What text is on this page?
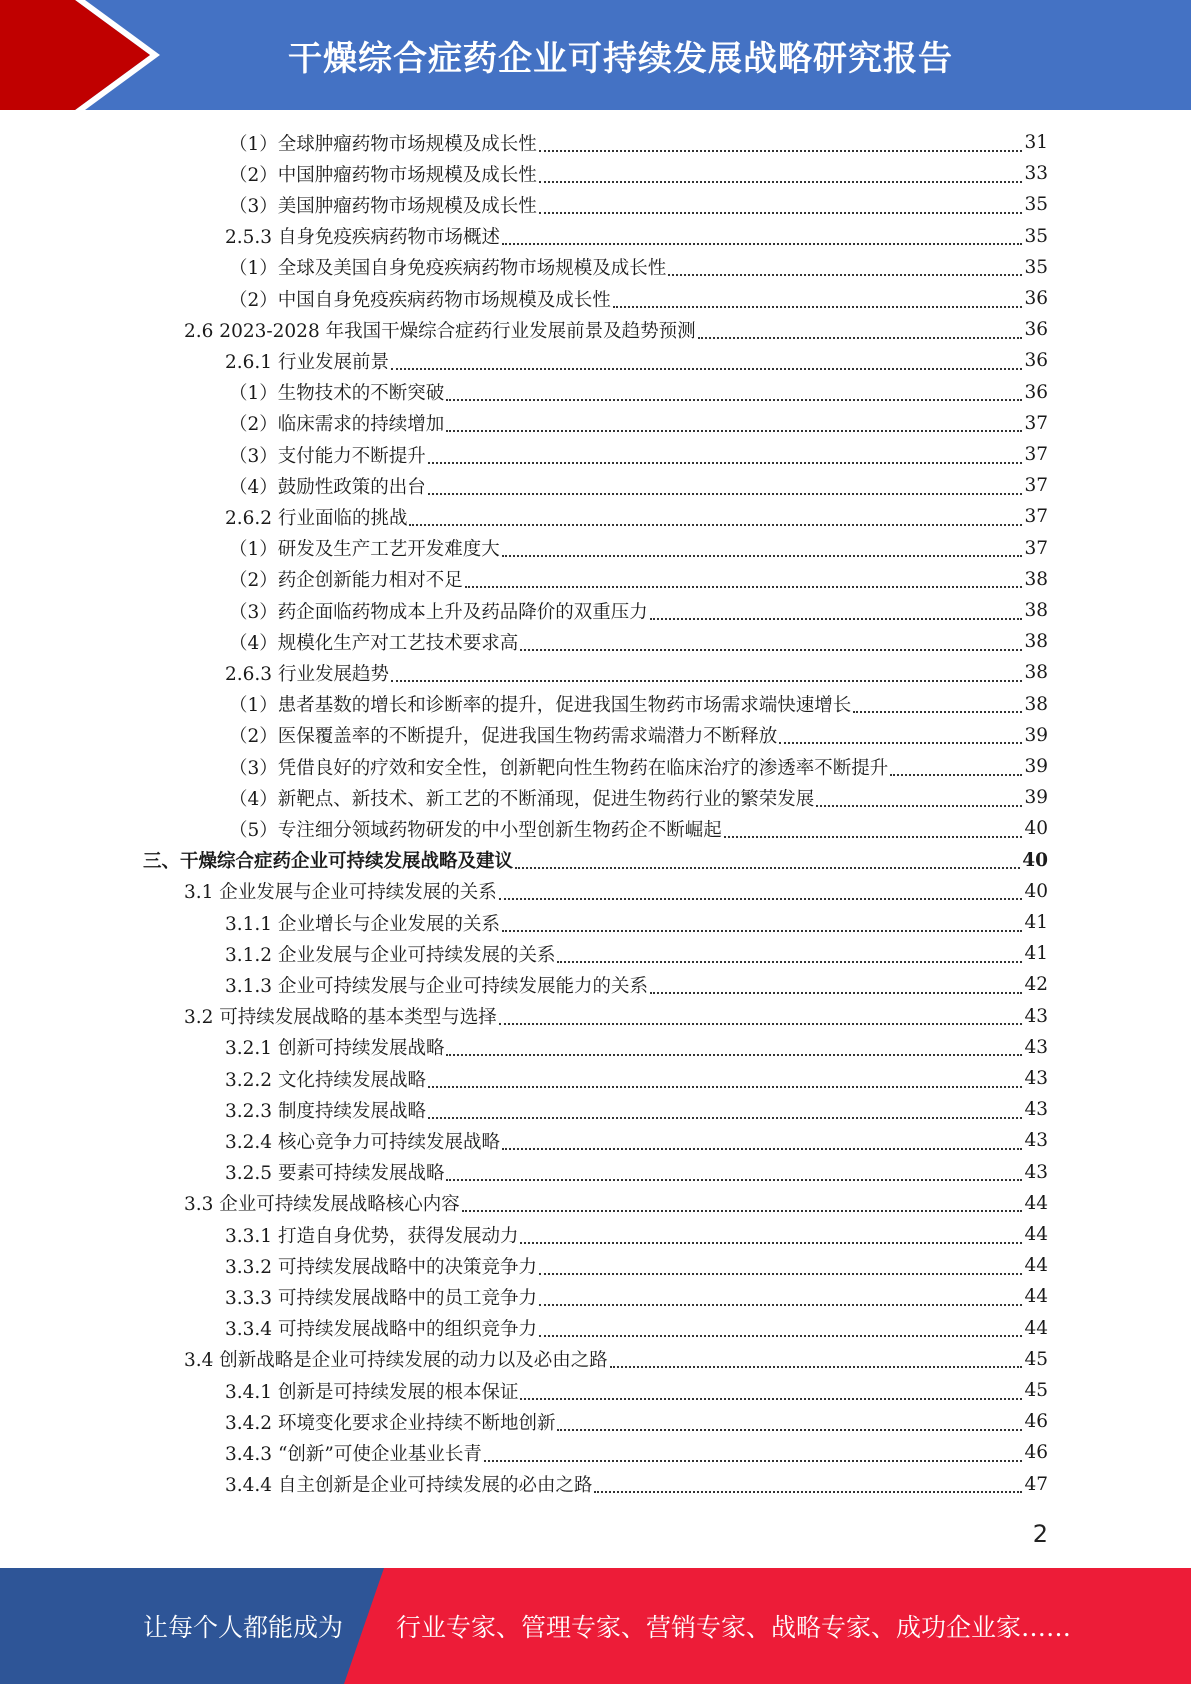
干燥综合症药企业可持续发展战略研究报告
（1）全球肿瘤药物市场规模及成长性	31
（2）中国肿瘤药物市场规模及成长性	33
（3）美国肿瘤药物市场规模及成长性	35
2.5.3 自身免疫疾病药物市场概述	35
（1）全球及美国自身免疫疾病药物市场规模及成长性	35
（2）中国自身免疫疾病药物市场规模及成长性	36
2.6 2023-2028 年我国干燥综合症药行业发展前景及趋势预测	36
2.6.1 行业发展前景	36
（1）生物技术的不断突破	36
（2）临床需求的持续增加	37
（3）支付能力不断提升	37
（4）鼓励性政策的出台	37
2.6.2 行业面临的挑战	37
（1）研发及生产工艺开发难度大	37
（2）药企创新能力相对不足	38
（3）药企面临药物成本上升及药品降价的双重压力	38
（4）规模化生产对工艺技术要求高	38
2.6.3 行业发展趋势	38
（1）患者基数的增长和诊断率的提升，促进我国生物药市场需求端快速增长	38
（2）医保覆盖率的不断提升，促进我国生物药需求端潜力不断释放	39
（3）凭借良好的疗效和安全性，创新靶向性生物药在临床治疗的渗透率不断提升	39
（4）新靶点、新技术、新工艺的不断涌现，促进生物药行业的繁荣发展	39
（5）专注细分领域药物研发的中小型创新生物药企不断崛起	40
三、干燥综合症药企业可持续发展战略及建议	40
3.1 企业发展与企业可持续发展的关系	40
3.1.1 企业增长与企业发展的关系	41
3.1.2 企业发展与企业可持续发展的关系	41
3.1.3 企业可持续发展与企业可持续发展能力的关系	42
3.2 可持续发展战略的基本类型与选择	43
3.2.1 创新可持续发展战略	43
3.2.2 文化持续发展战略	43
3.2.3 制度持续发展战略	43
3.2.4 核心竞争力可持续发展战略	43
3.2.5 要素可持续发展战略	43
3.3 企业可持续发展战略核心内容	44
3.3.1 打造自身优势，获得发展动力	44
3.3.2 可持续发展战略中的决策竞争力	44
3.3.3 可持续发展战略中的员工竞争力	44
3.3.4 可持续发展战略中的组织竞争力	44
3.4 创新战略是企业可持续发展的动力以及必由之路	45
3.4.1 创新是可持续发展的根本保证	45
3.4.2 环境变化要求企业持续不断地创新	46
3.4.3 “创新”可使企业基业长青	46
3.4.4 自主创新是企业可持续发展的必由之路	47
2
让每个人都能成为 行业专家、管理专家、营销专家、战略专家、成功企业家……
